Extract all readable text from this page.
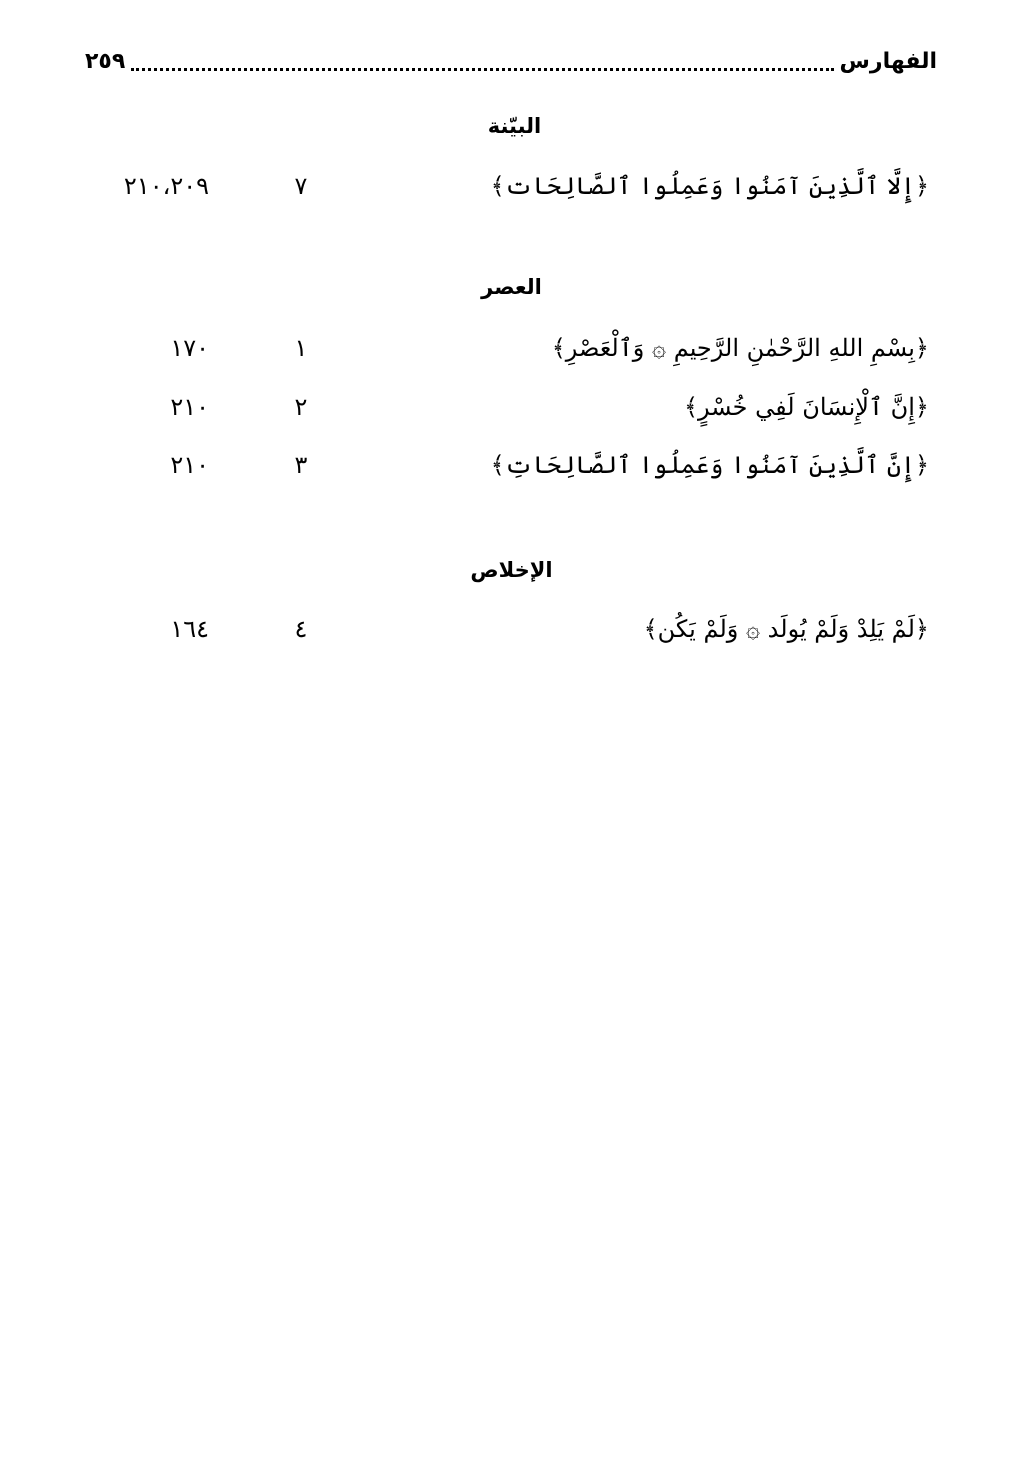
الفهارس
٢٥٩
البيّنة
﴿إِلَّا ٱلَّذِينَ آمَنُوا وَعَمِلُوا ٱلصَّالِحَات﴾
٧
٢١٠،٢٠٩
العصر
﴿بِسْمِ اللهِ الرَّحْمٰنِ الرَّحِيمِ ۞ وَٱلْعَصْرِ﴾
١
١٧٠
﴿إِنَّ ٱلْإِنسَانَ لَفِي خُسْرٍ﴾
٢
٢١٠
﴿إِنَّ ٱلَّذِينَ آمَنُوا وَعَمِلُوا ٱلصَّالِحَاتِ﴾
٣
٢١٠
الإخلاص
﴿لَمْ يَلِدْ وَلَمْ يُولَد ۞ وَلَمْ يَكُن﴾
٤
١٦٤
